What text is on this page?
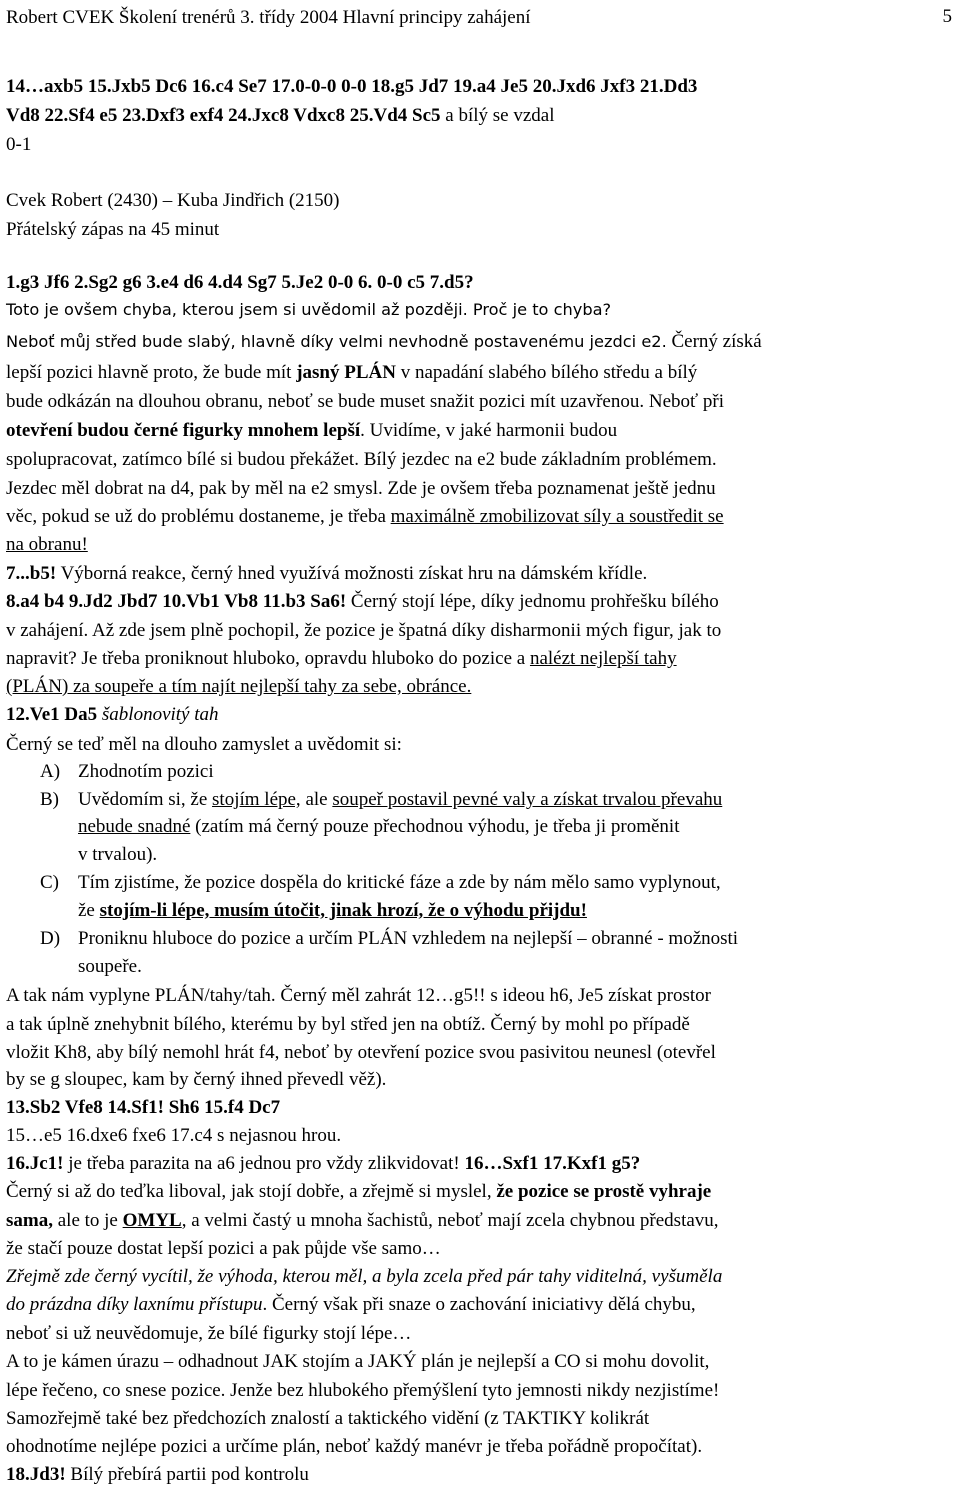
Robert CVEK Školení trenérů 3. třídy 2004 Hlavní principy zahájení	5
14…axb5 15.Jxb5 Dc6 16.c4 Se7 17.0-0-0 0-0 18.g5 Jd7 19.a4 Je5 20.Jxd6 Jxf3 21.Dd3
Vd8 22.Sf4 e5 23.Dxf3 exf4 24.Jxc8 Vdxc8 25.Vd4 Sc5 a bílý se vzdal
0-1
Cvek Robert (2430) – Kuba Jindřich (2150)
Přátelský zápas na 45 minut
1.g3 Jf6 2.Sg2 g6 3.e4 d6 4.d4 Sg7 5.Je2 0-0 6. 0-0 c5 7.d5?
Toto je ovšem chyba, kterou jsem si uvědomil až později. Proč je to chyba?
Neboť můj střed bude slabý, hlavně díky velmi nevhodně postavenému jezdci e2. Černý získá
lepší pozici hlavně proto, že bude mít jasný PLÁN v napadání slabého bílého středu a bílý
bude odkázán na dlouhou obranu, neboť se bude muset snažit pozici mít uzavřenou. Neboť při
otevření budou černé figurky mnohem lepší. Uvidíme, v jaké harmonii budou
spolupracovat, zatímco bílé si budou překážet. Bílý jezdec na e2 bude základním problémem.
Jezdec měl dobrat na d4, pak by měl na e2 smysl. Zde je ovšem třeba poznamenat ještě jednu
věc, pokud se už do problému dostaneme, je třeba maximálně zmobilizovat síly a soustředit se
na obranu!
7...b5! Výborná reakce, černý hned využívá možnosti získat hru na dámském křídle.
8.a4 b4 9.Jd2 Jbd7 10.Vb1 Vb8 11.b3 Sa6! Černý stojí lépe, díky jednomu prohřešku bílého
v zahájení. Až zde jsem plně pochopil, že pozice je špatná díky disharmonii mých figur, jak to
napravit? Je třeba proniknout hluboko, opravdu hluboko do pozice a nalézt nejlepší tahy
(PLÁN) za soupeře a tím najít nejlepší tahy za sebe, obránce.
12.Ve1 Da5 šablonovitý tah
Černý se teď měl na dlouho zamyslet a uvědomit si:
A) Zhodnotím pozici
B) Uvědomím si, že stojím lépe, ale soupeř postavil pevné valy a získat trvalou převahu
nebude snadné (zatím má černý pouze přechodnou výhodu, je třeba ji proměnit
v trvalou).
C) Tím zjistíme, že pozice dospěla do kritické fáze a zde by nám mělo samo vyplynout,
že stojím-li lépe, musím útočit, jinak hrozí, že o výhodu přijdu!
D) Proniknu hluboce do pozice a určím PLÁN vzhledem na nejlepší – obranné - možnosti
soupeře.
A tak nám vyplyne PLÁN/tahy/tah. Černý měl zahrát 12…g5!! s ideou h6, Je5 získat prostor
a tak úplně znehybnit bílého, kterému by byl střed jen na obtíž. Černý by mohl po případě
vložit Kh8, aby bílý nemohl hrát f4, neboť by otevření pozice svou pasivitou neunesl (otevřel
by se g sloupec, kam by černý ihned převedl věž).
13.Sb2 Vfe8 14.Sf1! Sh6 15.f4 Dc7
15…e5 16.dxe6 fxe6 17.c4 s nejasnou hrou.
16.Jc1! je třeba parazita na a6 jednou pro vždy zlikvidovat! 16…Sxf1 17.Kxf1 g5?
Černý si až do teďka liboval, jak stojí dobře, a zřejmě si myslel, že pozice se prostě vyhraje
sama, ale to je OMYL, a velmi častý u mnoha šachistů, neboť mají zcela chybnou představu,
že stačí pouze dostat lepší pozici a pak půjde vše samo…
Zřejmě zde černý vycítil, že výhoda, kterou měl, a byla zcela před pár tahy viditelná, vyšuměla
do prázdna díky laxnímu přístupu. Černý však při snaze o zachování iniciativy dělá chybu,
neboť si už neuvědomuje, že bílé figurky stojí lépe…
A to je kámen úrazu – odhadnout JAK stojím a JAKÝ plán je nejlepší a CO si mohu dovolit,
lépe řečeno, co snese pozice. Jenže bez hlubokého přemýšlení tyto jemnosti nikdy nezjistíme!
Samozřejmě také bez předchozích znalostí a taktického vidění (z TAKTIKY kolikrát
ohodnotíme nejlépe pozici a určíme plán, neboť každý manévr je třeba pořádně propočítat).
18.Jd3! Bílý přebírá partii pod kontrolu
